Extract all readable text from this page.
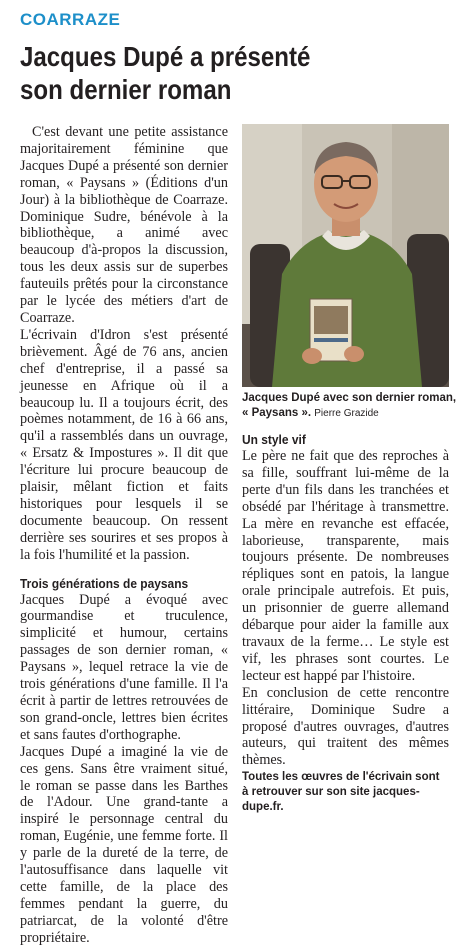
COARRAZE
Jacques Dupé a présenté
son dernier roman

C'est devant une petite assistance majoritairement féminine que Jacques Dupé a présenté son dernier roman, « Paysans » (Éditions d'un Jour) à la bibliothèque de Coarraze. Dominique Sudre, bénévole à la bibliothèque, a animé avec beaucoup d'à-propos la discussion, tous les deux assis sur de superbes fauteuils prêtés pour la circonstance par le lycée des métiers d'art de Coarraze.

L'écrivain d'Idron s'est présenté brièvement. Âgé de 76 ans, ancien chef d'entreprise, il a passé sa jeunesse en Afrique où il a beaucoup lu. Il a toujours écrit, des poèmes notamment, de 16 à 66 ans, qu'il a rassemblés dans un ouvrage, « Ersatz & Impostures ». Il dit que l'écriture lui procure beaucoup de plaisir, mêlant fiction et faits historiques pour lesquels il se documente beaucoup. On ressent derrière ses sourires et ses propos à la fois l'humilité et la passion.

Trois générations de paysans

Jacques Dupé a évoqué avec gourmandise et truculence, simplicité et humour, certains passages de son dernier roman, « Paysans », lequel retrace la vie de trois générations d'une famille. Il l'a écrit à partir de lettres retrouvées de son grand-oncle, lettres bien écrites et sans fautes d'orthographe.

Jacques Dupé a imaginé la vie de ces gens. Sans être vraiment situé, le roman se passe dans les Barthes de l'Adour. Une grand-tante a inspiré le personnage central du roman, Eugénie, une femme forte. Il y parle de la dureté de la terre, de l'autosuffisance dans laquelle vit cette famille, de la place des femmes pendant la guerre, du patriarcat, de la volonté d'être propriétaire.

Jacques Dupé avec son dernier roman, « Paysans ». Pierre Grazide
Un style vif

Le père ne fait que des reproches à sa fille, souffrant lui-même de la perte d'un fils dans les tranchées et obsédé par l'héritage à transmettre. La mère en revanche est effacée, laborieuse, transparente, mais toujours présente. De nombreuses répliques sont en patois, la langue orale principale autrefois. Et puis, un prisonnier de guerre allemand débarque pour aider la famille aux travaux de la ferme… Le style est vif, les phrases sont courtes. Le lecteur est happé par l'histoire.

En conclusion de cette rencontre littéraire, Dominique Sudre a proposé d'autres ouvrages, d'autres auteurs, qui traitent des mêmes thèmes.

Toutes les œuvres de l'écrivain sont à retrouver sur son site jacques-dupe.fr.
